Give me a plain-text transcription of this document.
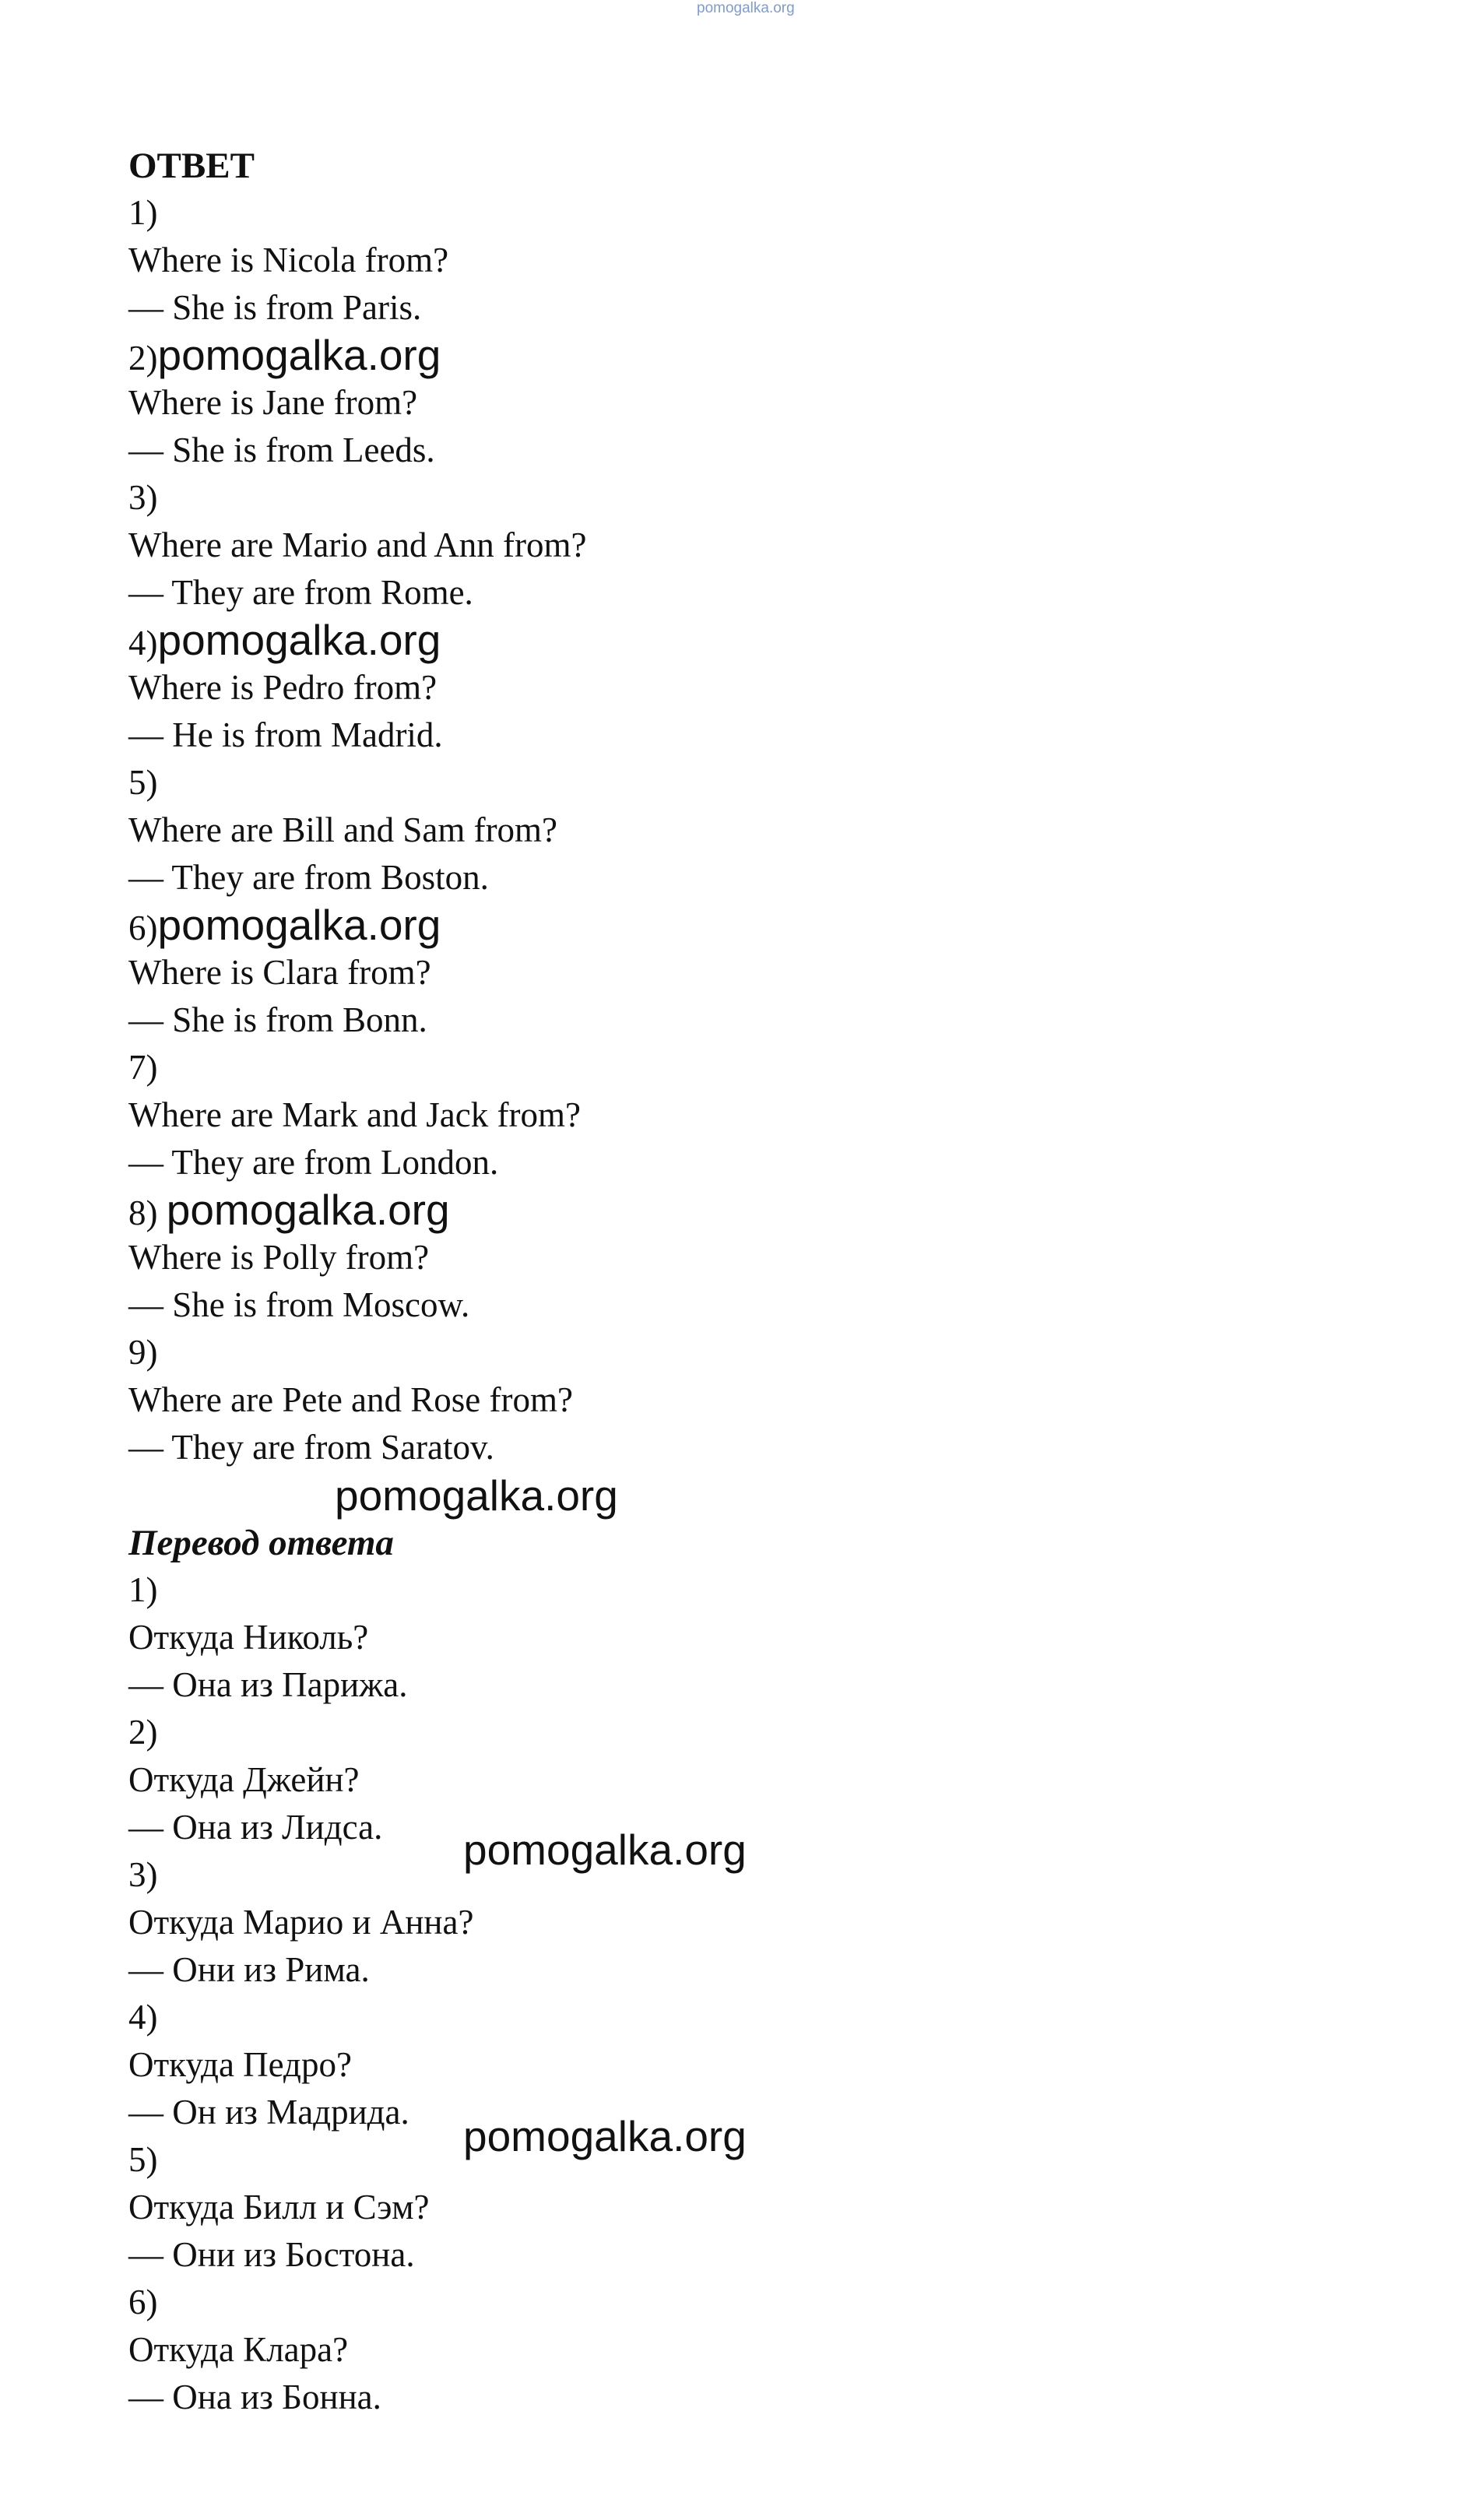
pomogalka.org
ОТВЕТ
1)
Where is Nicola from?
— She is from Paris.
2)pomogalka.org
Where is Jane from?
— She is from Leeds.
3)
Where are Mario and Ann from?
— They are from Rome.
4)pomogalka.org
Where is Pedro from?
— He is from Madrid.
5)
Where are Bill and Sam from?
— They are from Boston.
6)pomogalka.org
Where is Clara from?
— She is from Bonn.
7)
Where are Mark and Jack from?
— They are from London.
8) pomogalka.org
Where is Polly from?
— She is from Moscow.
9)
Where are Pete and Rose from?
— They are from Saratov.
pomogalka.org
Перевод ответа
1)
Откуда Николь?
— Она из Парижа.
2)
Откуда Джейн?
— Она из Лидса.
3)
Откуда Марио и Анна?
— Они из Рима.
4)
Откуда Педро?
— Он из Мадрида.
5)
Откуда Билл и Сэм?
— Они из Бостона.
6)
Откуда Клара?
— Она из Бонна.
pomogalka.org
pomogalka.org
